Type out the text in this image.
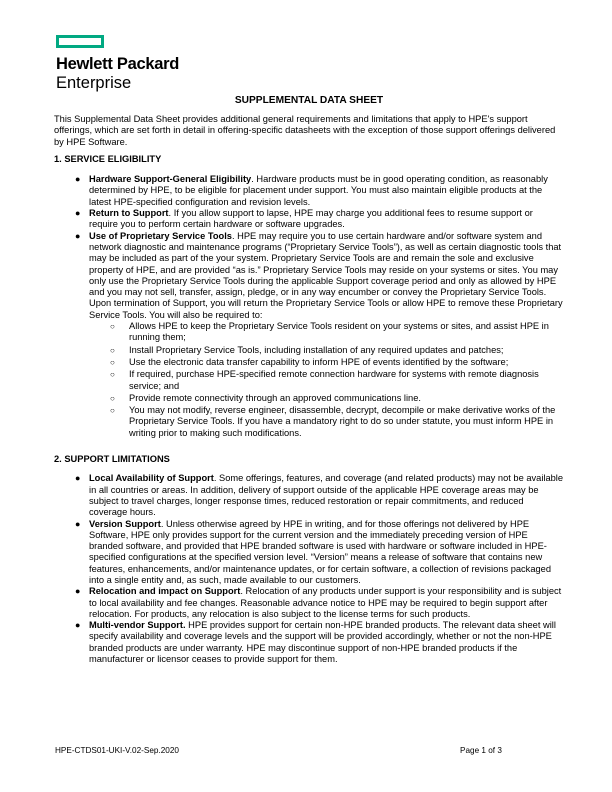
Hewlett Packard
Enterprise
SUPPLEMENTAL DATA SHEET

This Supplemental Data Sheet provides additional general requirements and limitations that apply to HPE's support offerings, which are set forth in detail in offering-specific datasheets with the exception of those support offerings delivered by HPE Software.

1. SERVICE ELIGIBILITY
● Hardware Support-General Eligibility. Hardware products must be in good operating condition, as reasonably determined by HPE, to be eligible for placement under support. You must also maintain eligible products at the latest HPE-specified configuration and revision levels.
● Return to Support. If you allow support to lapse, HPE may charge you additional fees to resume support or require you to perform certain hardware or software upgrades.
● Use of Proprietary Service Tools. HPE may require you to use certain hardware and/or software system and network diagnostic and maintenance programs (“Proprietary Service Tools”), as well as certain diagnostic tools that may be included as part of the your system. Proprietary Service Tools are and remain the sole and exclusive property of HPE, and are provided “as is.” Proprietary Service Tools may reside on your systems or sites. You may only use the Proprietary Service Tools during the applicable Support coverage period and only as allowed by HPE and you may not sell, transfer, assign, pledge, or in any way encumber or convey the Proprietary Service Tools. Upon termination of Support, you will return the Proprietary Service Tools or allow HPE to remove these Proprietary Service Tools. You will also be required to:
○ Allows HPE to keep the Proprietary Service Tools resident on your systems or sites, and assist HPE in running them;
○ Install Proprietary Service Tools, including installation of any required updates and patches;
○ Use the electronic data transfer capability to inform HPE of events identified by the software;
○ If required, purchase HPE-specified remote connection hardware for systems with remote diagnosis service; and
○ Provide remote connectivity through an approved communications line.
○ You may not modify, reverse engineer, disassemble, decrypt, decompile or make derivative works of the Proprietary Service Tools. If you have a mandatory right to do so under statute, you must inform HPE in writing prior to making such modifications.
2. SUPPORT LIMITATIONS
● Local Availability of Support. Some offerings, features, and coverage (and related products) may not be available in all countries or areas. In addition, delivery of support outside of the applicable HPE coverage areas may be subject to travel charges, longer response times, reduced restoration or repair commitments, and reduced coverage hours.
● Version Support. Unless otherwise agreed by HPE in writing, and for those offerings not delivered by HPE Software, HPE only provides support for the current version and the immediately preceding version of HPE branded software, and provided that HPE branded software is used with hardware or software included in HPE-specified configurations at the specified version level. “Version” means a release of software that contains new features, enhancements, and/or maintenance updates, or for certain software, a collection of revisions packaged into a single entity and, as such, made available to our customers.
● Relocation and impact on Support. Relocation of any products under support is your responsibility and is subject to local availability and fee changes. Reasonable advance notice to HPE may be required to begin support after relocation. For products, any relocation is also subject to the license terms for such products.
● Multi-vendor Support. HPE provides support for certain non-HPE branded products. The relevant data sheet will specify availability and coverage levels and the support will be provided accordingly, whether or not the non-HPE branded products are under warranty. HPE may discontinue support of non-HPE branded products if the manufacturer or licensor ceases to provide support for them.
HPE-CTDS01-UKI-V.02-Sep.2020	Page 1 of 3
